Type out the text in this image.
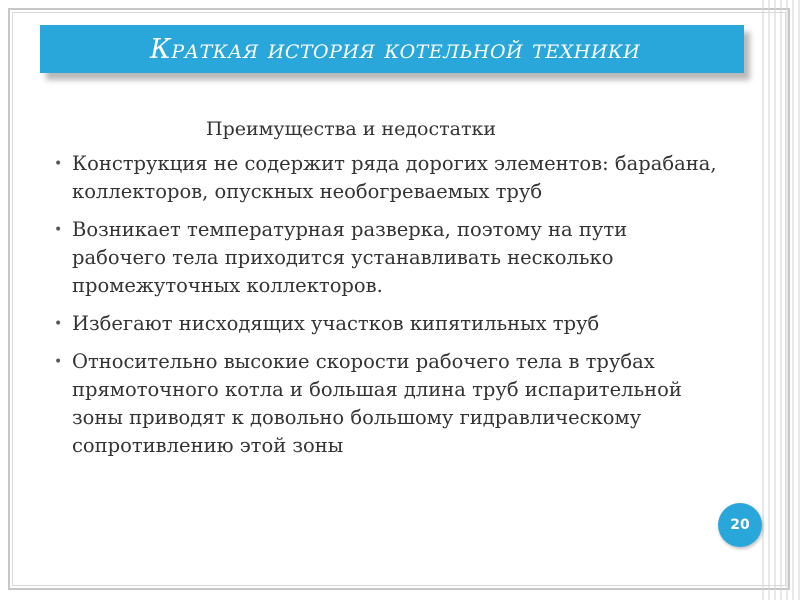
Краткая история котельной техники
Преимущества и недостатки
• Конструкция не содержит ряда дорогих элементов: барабана, коллекторов, опускных необогреваемых труб
• Возникает температурная разверка, поэтому на пути рабочего тела приходится устанавливать несколько промежуточных коллекторов.
• Избегают нисходящих участков кипятильных труб
• Относительно высокие скорости рабочего тела в трубах прямоточного котла и большая длина труб испарительной зоны приводят к довольно большому гидравлическому сопротивлению этой зоны
20
